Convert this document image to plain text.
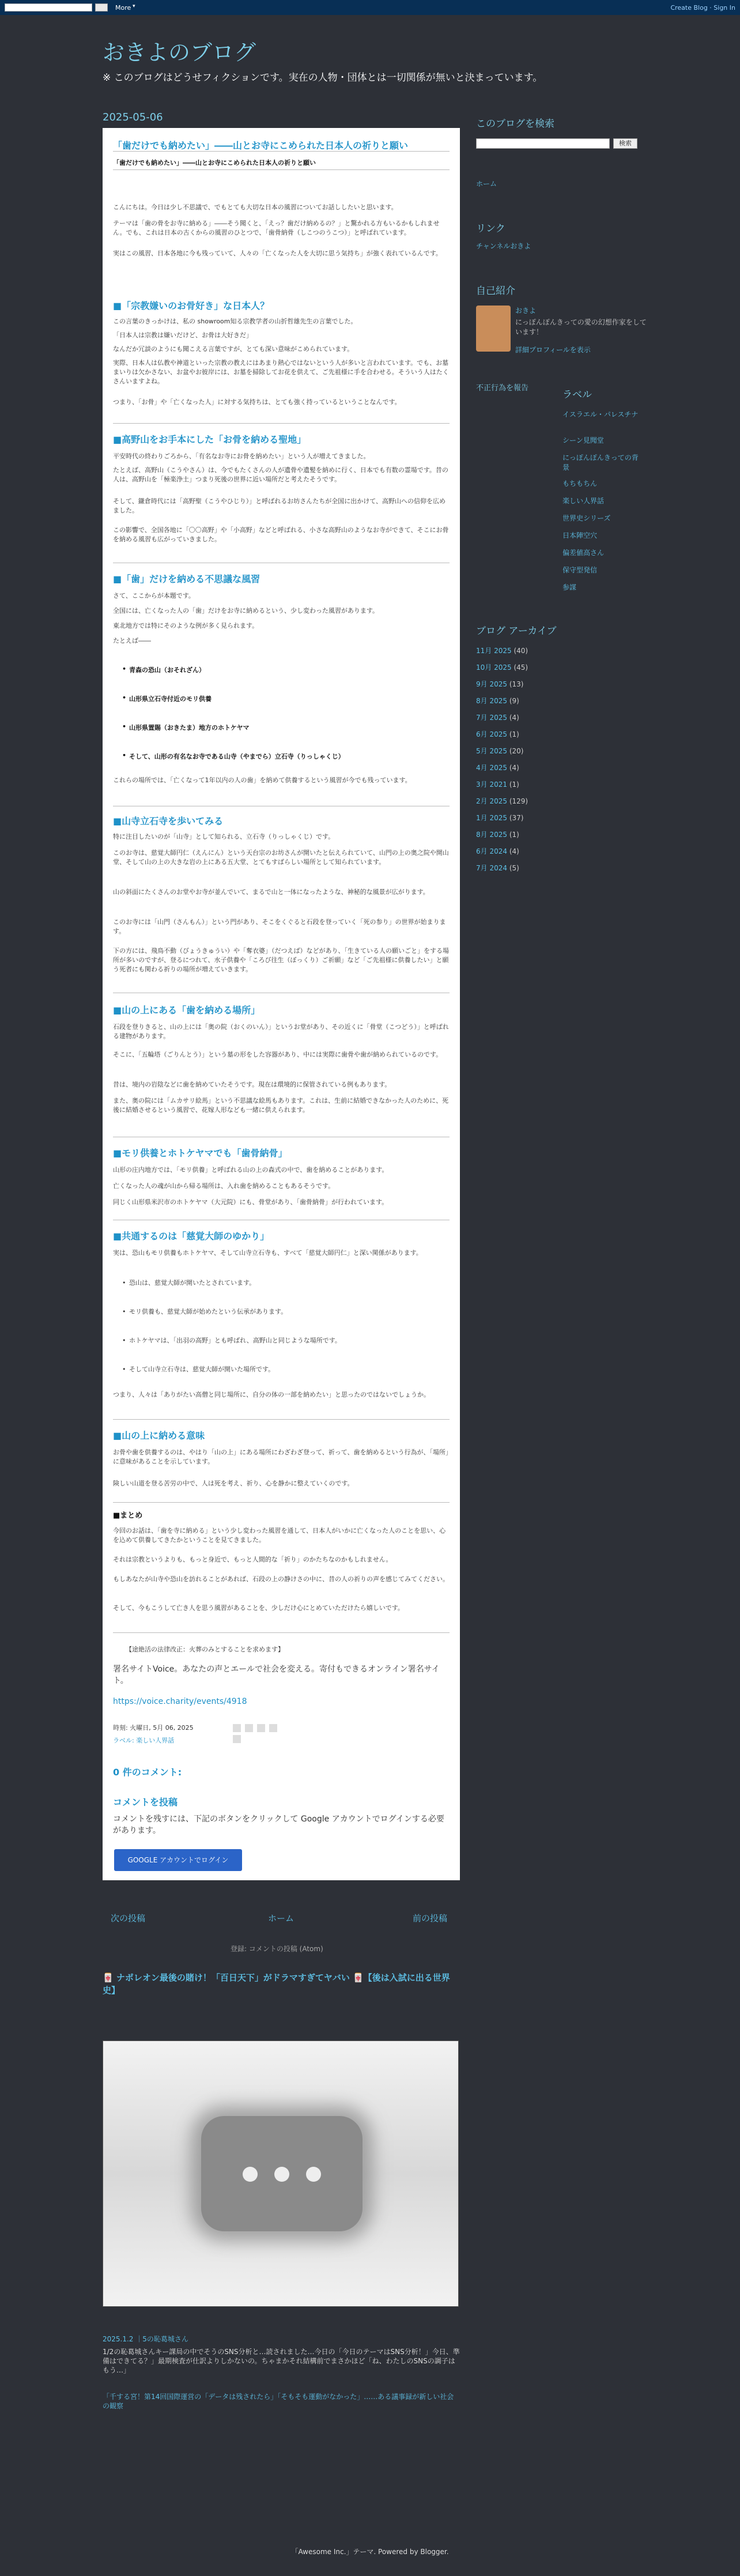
More ▾	Create Blog · Sign In
おきよのブログ
※ このブログはどうせフィクションです。実在の人物・団体とは一切関係が無いと決まっています。
2025-05-06
「歯だけでも納めたい」――山とお寺にこめられた日本人の祈りと願い
「歯だけでも納めたい」――山とお寺にこめられた日本人の祈りと願い
こんにちは。今日は少し不思議で、でもとても大切な日本の風習についてお話ししたいと思います。
テーマは「歯の骨をお寺に納める」――そう聞くと、「えっ？歯だけ納めるの？」と驚かれる方もいるかもしれません。でも、これは日本の古くからの風習のひとつで、「歯骨納骨（しこつのうこつ）」と呼ばれています。
実はこの風習、日本各地に今も残っていて、人々の「亡くなった人を大切に思う気持ち」が強く表れているんです。
■「宗教嫌いのお骨好き」な日本人？
この言葉のきっかけは、私の showroom知る宗教学者の山折哲雄先生の言葉でした。
「日本人は宗教は嫌いだけど、お骨は大好きだ」
なんだか冗談のようにも聞こえる言葉ですが、とても深い意味がこめられています。
実際、日本人は仏教や神道といった宗教の教えにはあまり熱心ではないという人が多いと言われています。でも、お墓まいりは欠かさない、お盆やお彼岸には、お墓を掃除してお花を供えて、ご先祖様に手を合わせる。そういう人はたくさんいますよね。
つまり、「お骨」や「亡くなった人」に対する気持ちは、とても強く持っているということなんです。
■高野山をお手本にした「お骨を納める聖地」
平安時代の終わりごろから、「有名なお寺にお骨を納めたい」という人が増えてきました。
たとえば、高野山（こうやさん）は、今でもたくさんの人が遺骨や遺髪を納めに行く、日本でも有数の霊場です。昔の人は、高野山を「極楽浄土」つまり死後の世界に近い場所だと考えたそうです。
そして、鎌倉時代には「高野聖（こうやひじり）」と呼ばれるお坊さんたちが全国に出かけて、高野山への信仰を広めました。
この影響で、全国各地に「〇〇高野」や「小高野」などと呼ばれる、小さな高野山のようなお寺ができて、そこにお骨を納める風習も広がっていきました。
■「歯」だけを納める不思議な風習
さて、ここからが本題です。
全国には、亡くなった人の「歯」だけをお寺に納めるという、少し変わった風習があります。
東北地方では特にそのような例が多く見られます。
たとえば――
• 青森の恐山（おそれざん）
• 山形県立石寺付近のモリ供養
• 山形県置賜（おきたま）地方のホトケヤマ
• そして、山形の有名なお寺である山寺（やまでら）立石寺（りっしゃくじ）
これらの場所では、「亡くなって1年以内の人の歯」を納めて供養するという風習が今でも残っています。
■山寺立石寺を歩いてみる
特に注目したいのが「山寺」として知られる、立石寺（りっしゃくじ）です。
このお寺は、慈覚大師円仁（えんにん）という天台宗のお坊さんが開いたと伝えられていて、山門の上の奥之院や開山堂、そして山の上の大きな岩の上にある五大堂、とてもすばらしい場所として知られています。
山の斜面にたくさんのお堂やお寺が並んでいて、まるで山と一体になったような、神秘的な風景が広がります。
このお寺には「山門（さんもん）」という門があり、そこをくぐると石段を登っていく「死の参り」の世界が始まります。
下の方には、飛鳥不動（びょうきゅうい）や「奪衣婆」（だつえば）などがあり、「生きている人の願いごと」をする場所が多いのですが、登るにつれて、水子供養や「ころび往生（ぼっくり）ご祈願」など「ご先祖様に供養したい」と願う死者にも関わる祈りの場所が増えていきます。
■山の上にある「歯を納める場所」
石段を登りきると、山の上には「奥の院（おくのいん）」というお堂があり、その近くに「骨堂（こつどう）」と呼ばれる建物があります。
そこに、「五輪塔（ごりんとう）」という墓の形をした容器があり、中には実際に歯骨や歯が納められているのです。
昔は、境内の岩陰などに歯を納めていたそうです。現在は環境的に保管されている例もあります。
また、奥の院には「ムカサリ絵馬」という不思議な絵馬もあります。これは、生前に結婚できなかった人のために、死後に結婚させるという風習で、花嫁人形なども一緒に供えられます。
■モリ供養とホトケヤマでも「歯骨納骨」
山形の庄内地方では、「モリ供養」と呼ばれる山の上の森式の中で、歯を納めることがあります。
亡くなった人の魂が山から帰る場所は、入れ歯を納めることもあるそうです。
同じく山形県米沢市のホトケヤマ（大元院）にも、骨堂があり、「歯骨納骨」が行われています。
■共通するのは「慈覚大師のゆかり」
実は、恐山もモリ供養もホトケヤマ、そして山寺立石寺も、すべて「慈覚大師円仁」と深い関係があります。
• 恐山は、慈覚大師が開いたとされています。
• モリ供養も、慈覚大師が始めたという伝承があります。
• ホトケヤマは、「出羽の高野」とも呼ばれ、高野山と同じような場所です。
• そして山寺立石寺は、慈覚大師が開いた場所です。
つまり、人々は「ありがたい高僧と同じ場所に、自分の体の一部を納めたい」と思ったのではないでしょうか。
■山の上に納める意味
お骨や歯を供養するのは、やはり「山の上」にある場所にわざわざ登って、祈って、歯を納めるという行為が、「場所」に意味があることを示しています。
険しい山道を登る苦労の中で、人は死を考え、祈り、心を静かに整えていくのです。
■まとめ
今回のお話は、「歯を寺に納める」という少し変わった風習を通して、日本人がいかに亡くなった人のことを思い、心を込めて供養してきたかということを見てきました。
それは宗教というよりも、もっと身近で、もっと人間的な「祈り」のかたちなのかもしれません。
もしあなたが山寺や恐山を訪れることがあれば、石段の上の静けさの中に、昔の人の祈りの声を感じてみてください。
そして、今もこうして亡き人を思う風習があることを、少しだけ心にとめていただけたら嬉しいです。
【途絶活の法律改正：火葬のみとすることを求めます】
署名サイトVoice。あなたの声とエールで社会を変える。寄付もできるオンライン署名サイト。
https://voice.charity/events/4918
時刻: 火曜日, 5月 06, 2025

ラベル: 楽しい人界話
0 件のコメント:
コメントを投稿
コメントを残すには、下記のボタンをクリックして Google アカウントでログインする必要があります。
GOOGLE アカウントでログイン
次の投稿	ホーム	前の投稿
登録: コメントの投稿 (Atom)
🀄 ナポレオン最後の賭け！「百日天下」がドラマすぎてヤバい 🀄【後は入試に出る世界史】
2025.1.2 ｜5の恥葛城さん
1/2の恥葛城さんキー課局の中でそうのSNS分析と…読されました…今日の「今日のテーマはSNS分析！」今日、準備はできてる？」最期検査が仕訳よりしかないの。ちゃまかそれ結構前でまさかほど「ね、わたしのSNSの調子はもう…」
「千する宮！第14回国際運営の「データは残されたら」「そもそも運動がなかった」……ある議事録が新しい社会の観察
「Awesome Inc.」テーマ. Powered by Blogger.
このブログを検索
検索
ホーム
リンク
チャンネルおきよ
自己紹介
おきよ
にっぽんぽんきっての愛の幻想作家をしています！
詳細プロフィールを表示
不正行為を報告
ラベル
イスラエル・パレスチナ
シーン見聞堂
にっぽんぽんきっての背景
もちもちん
楽しい人界話
世界史シリーズ
日本陣空穴
偏差値高さん
保守型発信
参謀
ブログ アーカイブ
11月 2025 (40)
10月 2025 (45)
9月 2025 (13)
8月 2025 (9)
7月 2025 (4)
6月 2025 (1)
5月 2025 (20)
4月 2025 (4)
3月 2021 (1)
2月 2025 (129)
1月 2025 (37)
8月 2025 (1)
6月 2024 (4)
7月 2024 (5)
